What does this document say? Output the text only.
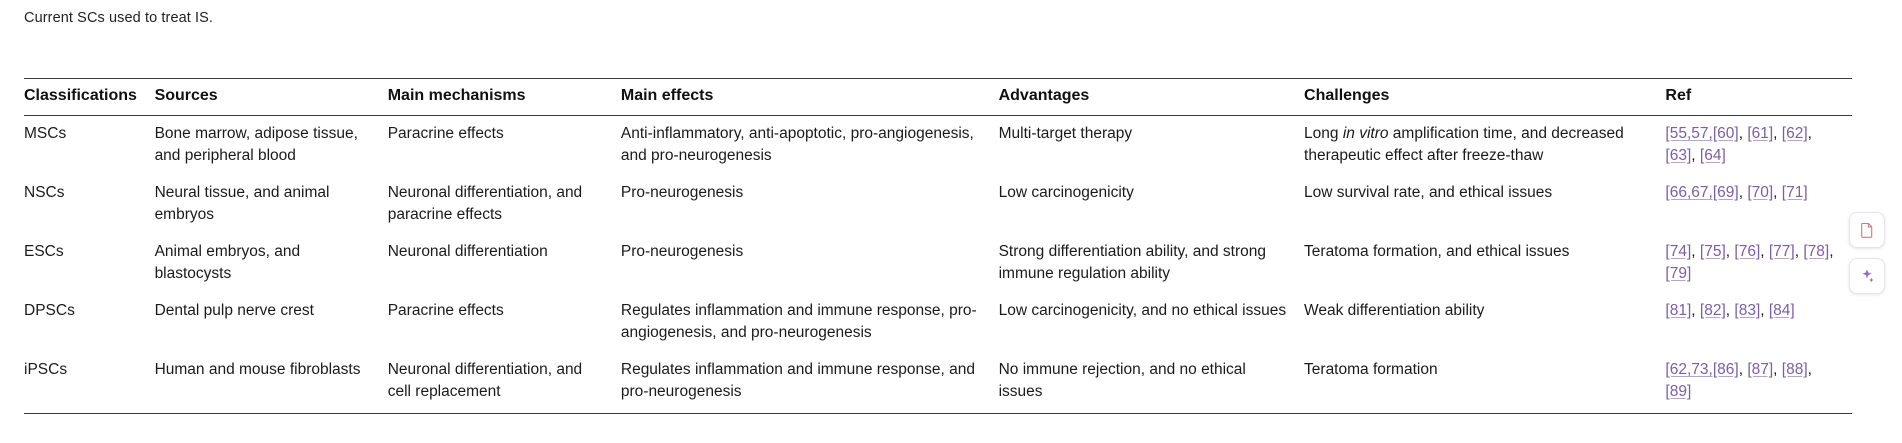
Current SCs used to treat IS.
Classifications	Sources	Main mechanisms	Main effects	Advantages	Challenges	Ref
MSCs	Bone marrow, adipose tissue, and peripheral blood	Paracrine effects	Anti-inflammatory, anti-apoptotic, pro-angiogenesis, and pro-neurogenesis	Multi-target therapy	Long in vitro amplification time, and decreased therapeutic effect after freeze-thaw	[55,57,[60], [61], [62], [63], [64]
NSCs	Neural tissue, and animal embryos	Neuronal differentiation, and paracrine effects	Pro-neurogenesis	Low carcinogenicity	Low survival rate, and ethical issues	[66,67,[69], [70], [71]
ESCs	Animal embryos, and blastocysts	Neuronal differentiation	Pro-neurogenesis	Strong differentiation ability, and strong immune regulation ability	Teratoma formation, and ethical issues	[74], [75], [76], [77], [78], [79]
DPSCs	Dental pulp nerve crest	Paracrine effects	Regulates inflammation and immune response, pro-angiogenesis, and pro-neurogenesis	Low carcinogenicity, and no ethical issues	Weak differentiation ability	[81], [82], [83], [84]
iPSCs	Human and mouse fibroblasts	Neuronal differentiation, and cell replacement	Regulates inflammation and immune response, and pro-neurogenesis	No immune rejection, and no ethical issues	Teratoma formation	[62,73,[86], [87], [88], [89]
